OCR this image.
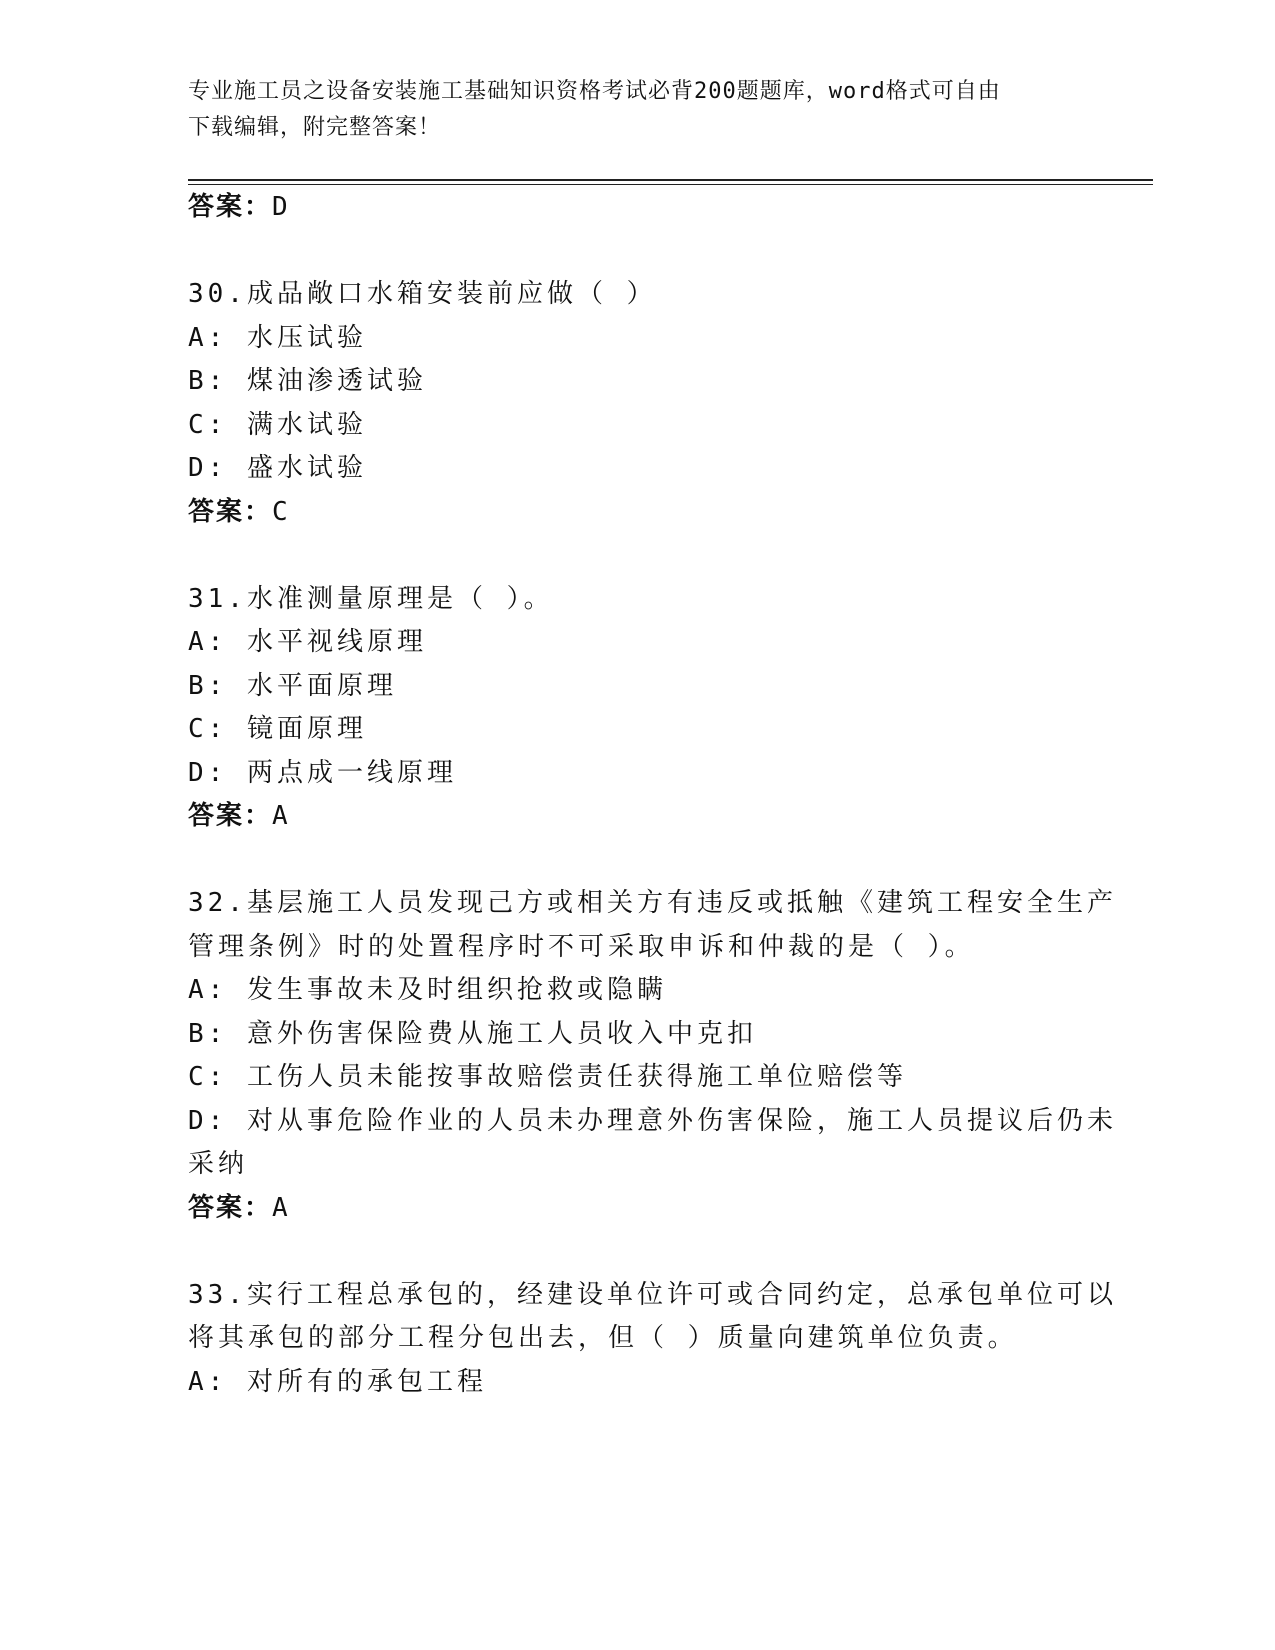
专业施工员之设备安装施工基础知识资格考试必背200题题库，word格式可自由
下载编辑，附完整答案！
答案：D
30.成品敞口水箱安装前应做（ ）
A: 水压试验
B: 煤油渗透试验
C: 满水试验
D: 盛水试验
答案：C
31.水准测量原理是（ ）。
A: 水平视线原理
B: 水平面原理
C: 镜面原理
D: 两点成一线原理
答案：A
32.基层施工人员发现己方或相关方有违反或抵触《建筑工程安全生产
管理条例》时的处置程序时不可采取申诉和仲裁的是（ ）。
A: 发生事故未及时组织抢救或隐瞒
B: 意外伤害保险费从施工人员收入中克扣
C: 工伤人员未能按事故赔偿责任获得施工单位赔偿等
D: 对从事危险作业的人员未办理意外伤害保险，施工人员提议后仍未
采纳
答案：A
33.实行工程总承包的，经建设单位许可或合同约定，总承包单位可以
将其承包的部分工程分包出去，但（ ）质量向建筑单位负责。
A: 对所有的承包工程
